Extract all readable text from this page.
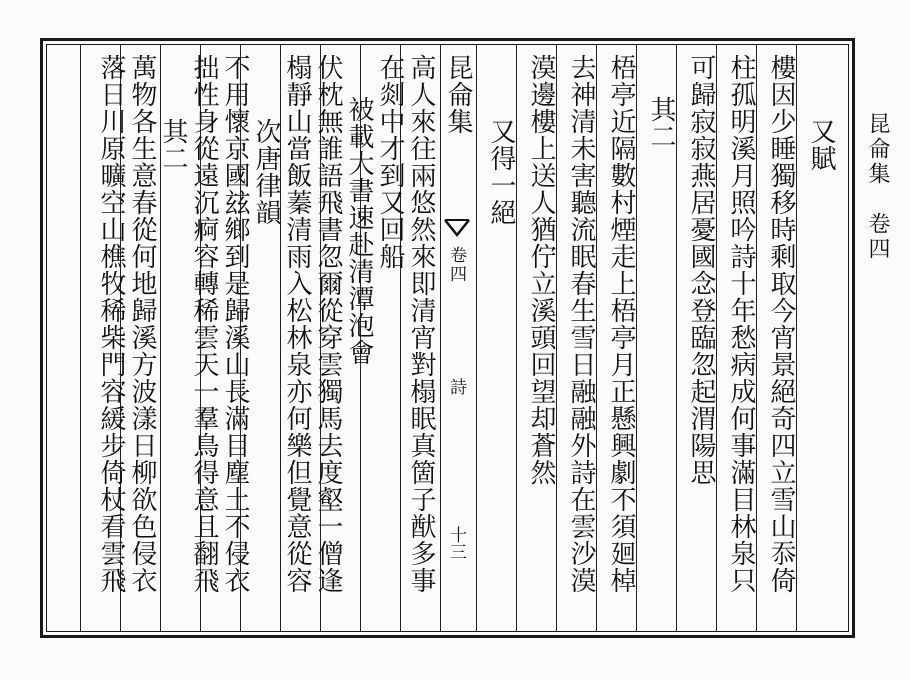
昆侖集　卷四
又賦
樓因少睡獨移時剩取今宵景絕奇四立雪山忝倚
柱孤明溪月照吟詩十年愁病成何事滿目林泉只
可歸寂寂燕居憂國念登臨忽起渭陽思
其二
梧亭近隔數村煙走上梧亭月正懸興劇不須廻棹
去神清未害聽流眠春生雪日融融外詩在雲沙漠
漠邊樓上送人猶佇立溪頭回望却蒼然
又得一絕
昆侖集
卷四
詩
十三
高人來往兩悠然來即清宵對榻眠真箇子猷多事
在剡中才到又回船
被載大書速赴清潭泡會
伏枕無誰語飛書忽爾從穿雲獨馬去度壑一僧逢
榻靜山當飯蓁清雨入松林泉亦何樂但覺意從容
次唐律韻
不用懷京國玆鄉到是歸溪山長滿目塵土不侵衣
拙性身從遠沉痾容轉稀雲天一羣鳥得意且翻飛
其二
萬物各生意春從何地歸溪方波漾日柳欲色侵衣
落日川原曠空山樵牧稀柴門容緩步倚杖看雲飛
